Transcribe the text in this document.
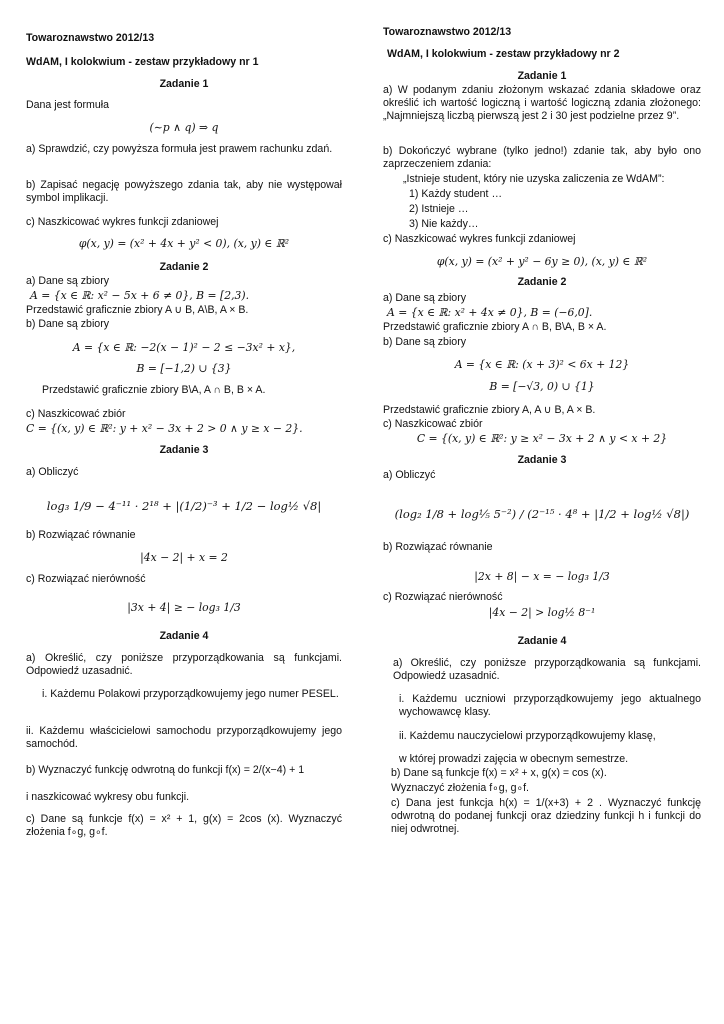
Towaroznawstwo 2012/13
WdAM, I kolokwium - zestaw przykładowy nr 1
Zadanie 1
Dana jest formuła
(∼p ∧ q) ⇒ q
a) Sprawdzić, czy powyższa formuła jest prawem rachunku zdań.
b) Zapisać negację powyższego zdania tak, aby nie występował symbol implikacji.
c) Naszkicować wykres funkcji zdaniowej
φ(x, y) = (x² + 4x + y² < 0), (x, y) ∈ ℝ²
Zadanie 2
a) Dane są zbiory
A = {x ∈ ℝ: x² − 5x + 6 ≠ 0}, B = [2,3).
Przedstawić graficznie zbiory A ∪ B, A\B, A × B.
b) Dane są zbiory
A = {x ∈ ℝ: −2(x − 1)² − 2 ≤ −3x² + x},
B = [−1,2) ∪ {3}
Przedstawić graficznie zbiory B\A, A ∩ B, B × A.
c) Naszkicować zbiór
C = {(x, y) ∈ ℝ²: y + x² − 3x + 2 > 0 ∧ y ≥ x − 2}.
Zadanie 3
a) Obliczyć
log₃ 1/9 − 4⁻¹¹ · 2¹⁸ + |(1/2)⁻³ + 1/2 − log½ √8|
b) Rozwiązać równanie
|4x − 2| + x = 2
c) Rozwiązać nierówność
|3x + 4| ≥ − log₃ 1/3
Zadanie 4
a) Określić, czy poniższe przyporządkowania są funkcjami. Odpowiedź uzasadnić.
i. Każdemu Polakowi przyporządkowujemy jego numer PESEL.
ii. Każdemu właścicielowi samochodu przyporządkowujemy jego samochód.
b) Wyznaczyć funkcję odwrotną do funkcji f(x) = 2/(x−4) + 1
i naszkicować wykresy obu funkcji.
c) Dane są funkcje f(x) = x² + 1, g(x) = 2cos (x). Wyznaczyć złożenia f∘g, g∘f.
Towaroznawstwo 2012/13
WdAM, I kolokwium - zestaw przykładowy nr 2
Zadanie 1
a) W podanym zdaniu złożonym wskazać zdania składowe oraz określić ich wartość logiczną i wartość logiczną zdania złożonego: „Najmniejszą liczbą pierwszą jest 2 i 30 jest podzielne przez 9”.
b) Dokończyć wybrane (tylko jedno!) zdanie tak, aby było ono zaprzeczeniem zdania:
„Istnieje student, który nie uzyska zaliczenia ze WdAM”:
1) Każdy student …
2) Istnieje …
3) Nie każdy…
c) Naszkicować wykres funkcji zdaniowej
φ(x, y) = (x² + y² − 6y ≥ 0), (x, y) ∈ ℝ²
Zadanie 2
a) Dane są zbiory
A = {x ∈ ℝ: x² + 4x ≠ 0}, B = (−6,0].
Przedstawić graficznie zbiory A ∩ B, B\A, B × A.
b) Dane są zbiory
A = {x ∈ ℝ: (x + 3)² < 6x + 12}
B = [−√3, 0) ∪ {1}
Przedstawić graficznie zbiory A, A ∪ B, A × B.
c) Naszkicować zbiór
C = {(x, y) ∈ ℝ²: y ≥ x² − 3x + 2 ∧ y < x + 2}
Zadanie 3
a) Obliczyć
(log₂ 1/8 + log⅕ 5⁻²) / (2⁻¹⁵ · 4⁸ + |1/2 + log½ √8|)
b) Rozwiązać równanie
|2x + 8| − x = − log₃ 1/3
c) Rozwiązać nierówność
|4x − 2| > log½ 8⁻¹
Zadanie 4
a) Określić, czy poniższe przyporządkowania są funkcjami. Odpowiedź uzasadnić.
i. Każdemu uczniowi przyporządkowujemy jego aktualnego wychowawcę klasy.
ii. Każdemu nauczycielowi przyporządkowujemy klasę,
w której prowadzi zajęcia w obecnym semestrze.
b) Dane są funkcje f(x) = x² + x, g(x) = cos (x).
Wyznaczyć złożenia f∘g, g∘f.
c) Dana jest funkcja h(x) = 1/(x+3) + 2 . Wyznaczyć funkcję odwrotną do podanej funkcji oraz dziedziny funkcji h i funkcji do niej odwrotnej.
